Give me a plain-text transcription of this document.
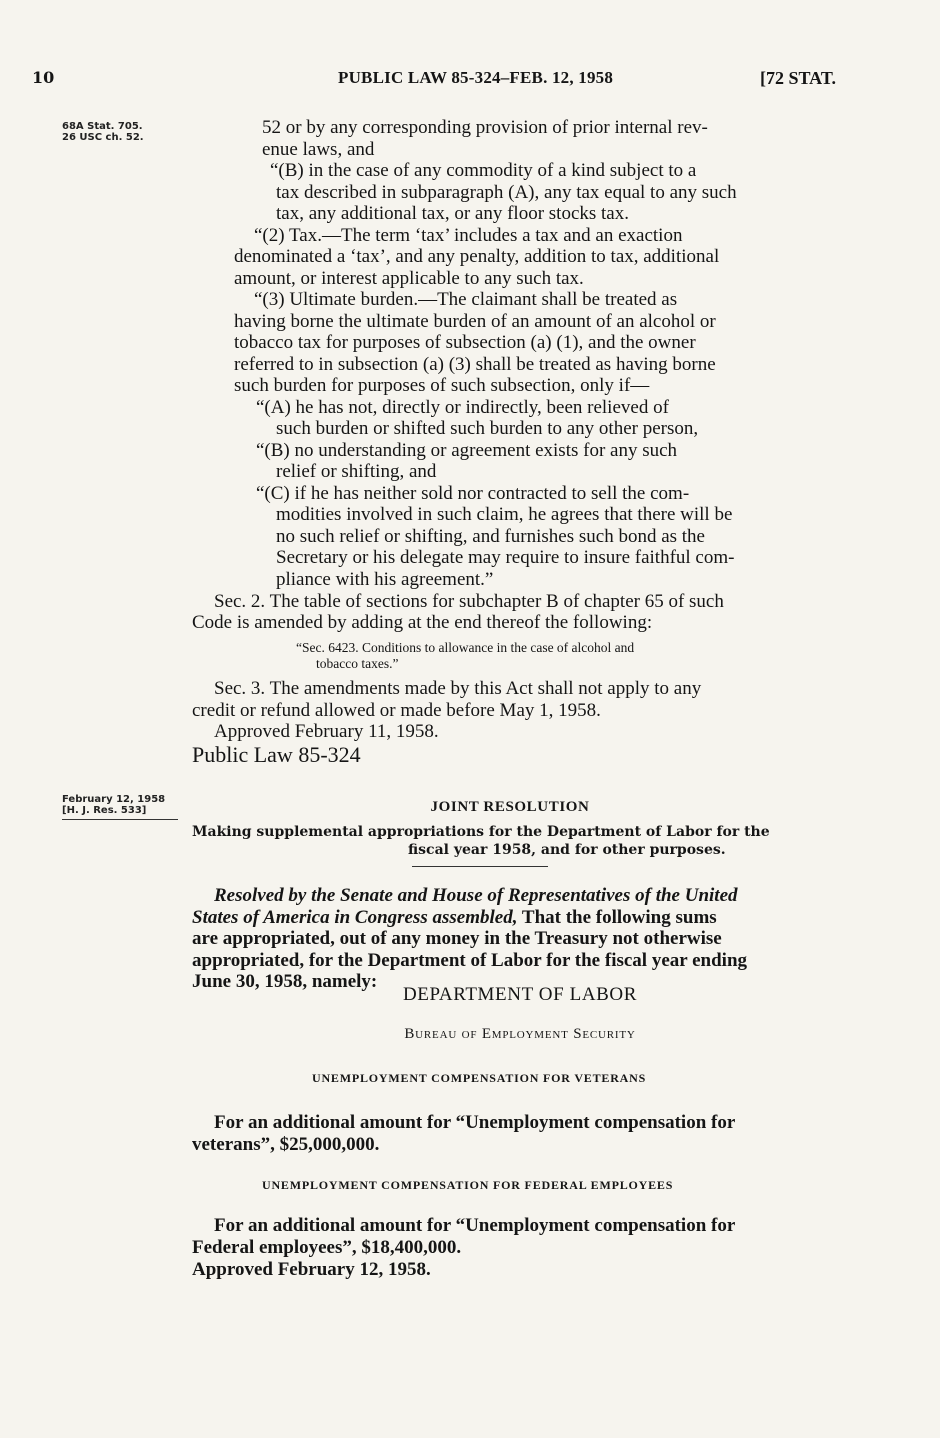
10	PUBLIC LAW 85-324–FEB. 12, 1958	[72 STAT.
68A Stat. 705.
26 USC ch. 52.	52 or by any corresponding provision of prior internal rev-
enue laws, and
“(B) in the case of any commodity of a kind subject to a
tax described in subparagraph (A), any tax equal to any such
tax, any additional tax, or any floor stocks tax.
“(2) Tax.—The term ‘tax’ includes a tax and an exaction
denominated a ‘tax’, and any penalty, addition to tax, additional
amount, or interest applicable to any such tax.
“(3) Ultimate burden.—The claimant shall be treated as
having borne the ultimate burden of an amount of an alcohol or
tobacco tax for purposes of subsection (a) (1), and the owner
referred to in subsection (a) (3) shall be treated as having borne
such burden for purposes of such subsection, only if—
“(A) he has not, directly or indirectly, been relieved of
such burden or shifted such burden to any other person,
“(B) no understanding or agreement exists for any such
relief or shifting, and
“(C) if he has neither sold nor contracted to sell the com-
modities involved in such claim, he agrees that there will be
no such relief or shifting, and furnishes such bond as the
Secretary or his delegate may require to insure faithful com-
pliance with his agreement.”
Sec. 2. The table of sections for subchapter B of chapter 65 of such
Code is amended by adding at the end thereof the following:
“Sec. 6423. Conditions to allowance in the case of alcohol and
tobacco taxes.”
Sec. 3. The amendments made by this Act shall not apply to any
credit or refund allowed or made before May 1, 1958.
Approved February 11, 1958.
Public Law 85-324
February 12, 1958
[H. J. Res. 533]	JOINT RESOLUTION
Making supplemental appropriations for the Department of Labor for the
fiscal year 1958, and for other purposes.
Resolved by the Senate and House of Representatives of the United
States of America in Congress assembled, That the following sums
are appropriated, out of any money in the Treasury not otherwise
appropriated, for the Department of Labor for the fiscal year ending
June 30, 1958, namely:
DEPARTMENT OF LABOR
Bureau of Employment Security
UNEMPLOYMENT COMPENSATION FOR VETERANS
For an additional amount for “Unemployment compensation for
veterans”, $25,000,000.
UNEMPLOYMENT COMPENSATION FOR FEDERAL EMPLOYEES
For an additional amount for “Unemployment compensation for
Federal employees”, $18,400,000.
Approved February 12, 1958.
